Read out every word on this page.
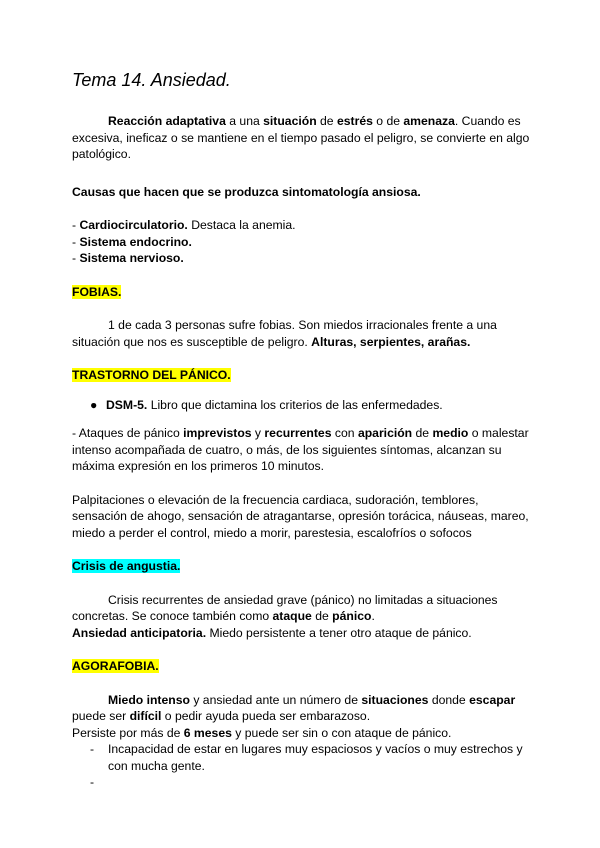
Tema 14. Ansiedad.

Reacción adaptativa a una situación de estrés o de amenaza. Cuando es excesiva, ineficaz o se mantiene en el tiempo pasado el peligro, se convierte en algo patológico.

Causas que hacen que se produzca sintomatología ansiosa.

- Cardiocirculatorio. Destaca la anemia.

- Sistema endocrino.

- Sistema nervioso.

FOBIAS.

1 de cada 3 personas sufre fobias. Son miedos irracionales frente a una situación que nos es susceptible de peligro. Alturas, serpientes, arañas.

TRASTORNO DEL PÁNICO.

● DSM-5. Libro que dictamina los criterios de las enfermedades.

- Ataques de pánico imprevistos y recurrentes con aparición de medio o malestar intenso acompañada de cuatro, o más, de los siguientes síntomas, alcanzan su máxima expresión en los primeros 10 minutos.

Palpitaciones o elevación de la frecuencia cardiaca, sudoración, temblores, sensación de ahogo, sensación de atragantarse, opresión torácica, náuseas, mareo, miedo a perder el control, miedo a morir, parestesia, escalofríos o sofocos

Crisis de angustia.

Crisis recurrentes de ansiedad grave (pánico) no limitadas a situaciones concretas. Se conoce también como ataque de pánico.

Ansiedad anticipatoria. Miedo persistente a tener otro ataque de pánico.

AGORAFOBIA.

Miedo intenso y ansiedad ante un número de situaciones donde escapar puede ser difícil o pedir ayuda pueda ser embarazoso.

Persiste por más de 6 meses y puede ser sin o con ataque de pánico.

-	Incapacidad de estar en lugares muy espaciosos y vacíos o muy estrechos y con mucha gente.
-
